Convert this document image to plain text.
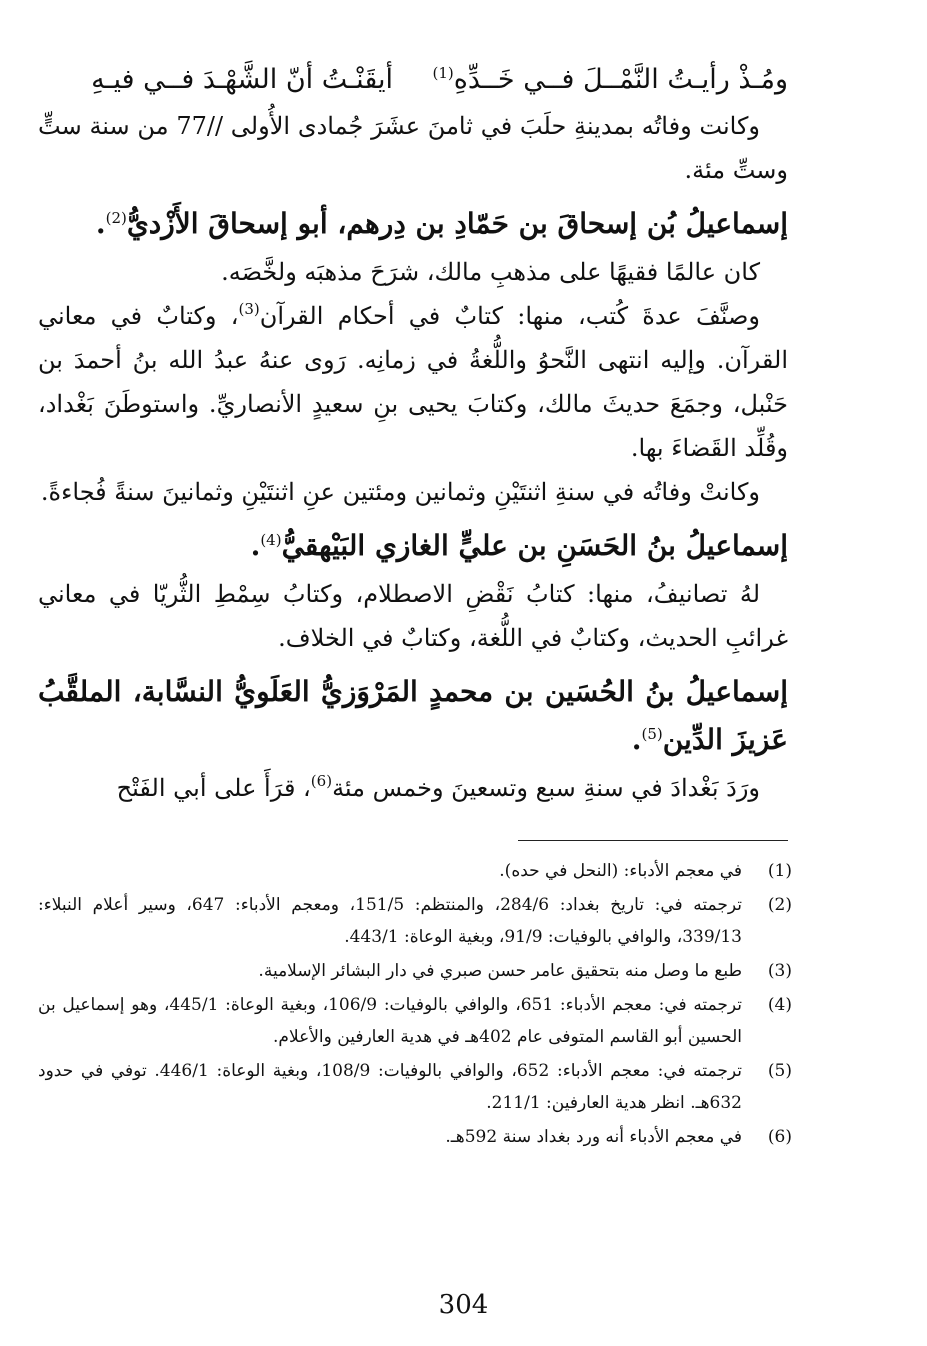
ومُـذْ رأيـتُ النَّمْــلَ فــي خَــدِّهِ$^{(1)}$
أيقَنْـتُ أنّ الشَّهْـدَ فــي فيـهِ

وكانت وفاتُه بمدينةِ حلَبَ في ثامنَ عشَرَ جُمادى الأُولى //77 من سنة ستٍّ وستِّ مئة.

إسماعيلُ بُن إسحاقَ بن حَمّادِ بن دِرهم، أبو إسحاقَ الأَزْديُّ$^{(2)}$.

كان عالمًا فقيهًا على مذهبِ مالك، شرَحَ مذهبَه ولخَّصَه.

وصنَّفَ عدةَ كُتب، منها: كتابٌ في أحكام القرآن$^{(3)}$، وكتابٌ في معاني القرآن. وإليه انتهى النَّحوُ واللُّغةُ في زمانِه. رَوى عنهُ عبدُ الله بنُ أحمدَ بن حَنْبل، وجمَعَ حديثَ مالك، وكتابَ يحيى بنِ سعيدٍ الأنصاريِّ. واستوطَنَ بَغْداد، وقُلِّد القَضاءَ بها.

وكانتْ وفاتُه في سنةِ اثنتَيْنِ وثمانين ومئتين عنِ اثنتَيْنِ وثمانينَ سنةً فُجاءةً.

إسماعيلُ بنُ الحَسَنِ بن عليٍّ الغازي البَيْهقيُّ$^{(4)}$.

لهُ تصانيفُ، منها: كتابُ نَقْضِ الاصطلام، وكتابُ سِمْطِ الثُّريّا في معاني غرائبِ الحديث، وكتابٌ في اللُّغة، وكتابٌ في الخلاف.

إسماعيلُ بنُ الحُسَين بن محمدٍ المَرْوَزيُّ العَلَويُّ النسَّابة، الملقَّبُ عَزيزَ الدِّين$^{(5)}$.

ورَدَ بَغْدادَ في سنةِ سبع وتسعينَ وخمس مئة$^{(6)}$، قرَأَ على أبي الفَتْح

(1)
في معجم الأدباء: (النحل في حده).
(2)
ترجمته في: تاريخ بغداد: 284/6، والمنتظم: 151/5، ومعجم الأدباء: 647، وسير أعلام النبلاء: 339/13، والوافي بالوفيات: 91/9، وبغية الوعاة: 443/1.
(3)
طبع ما وصل منه بتحقيق عامر حسن صبري في دار البشائر الإسلامية.
(4)
ترجمته في: معجم الأدباء: 651، والوافي بالوفيات: 106/9، وبغية الوعاة: 445/1، وهو إسماعيل بن الحسين أبو القاسم المتوفى عام 402هـ في هدية العارفين والأعلام.
(5)
ترجمته في: معجم الأدباء: 652، والوافي بالوفيات: 108/9، وبغية الوعاة: 446/1. توفي في حدود 632هـ. انظر هدية العارفين: 211/1.
(6)
في معجم الأدباء أنه ورد بغداد سنة 592هـ.
304
